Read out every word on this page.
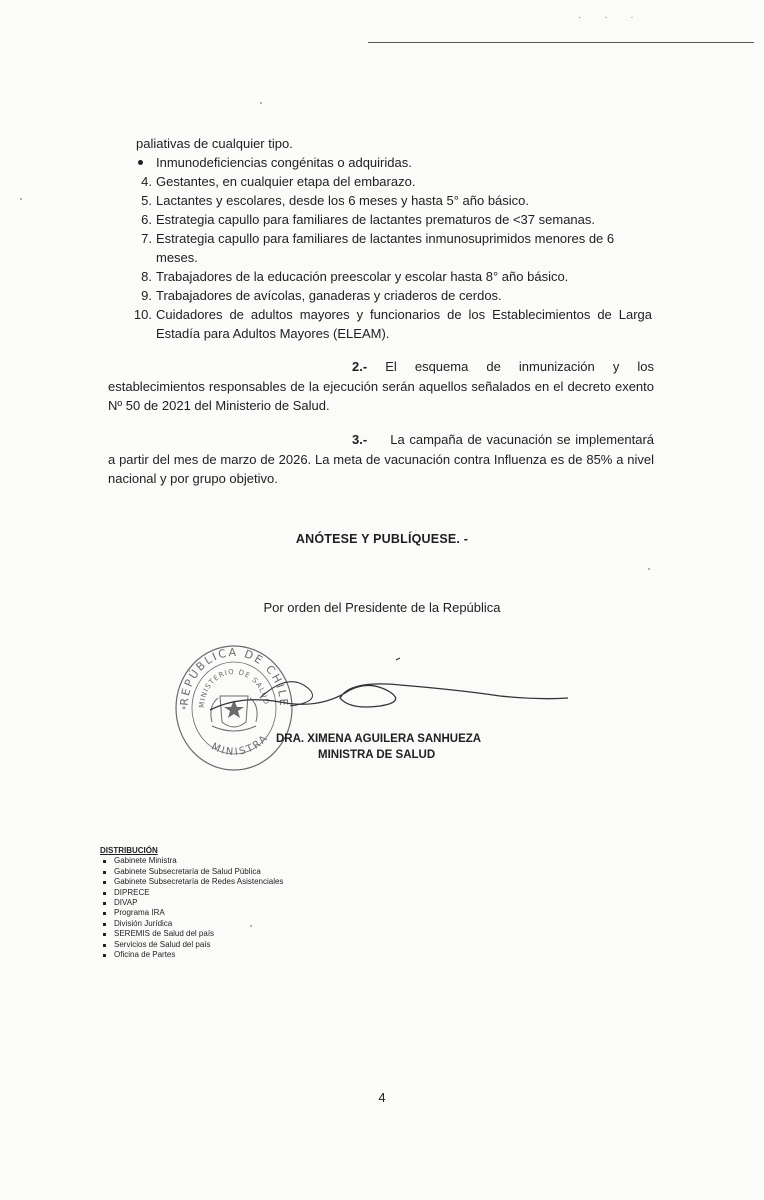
· · ·
paliativas de cualquier tipo.
Inmunodeficiencias congénitas o adquiridas.
4. Gestantes, en cualquier etapa del embarazo.
5. Lactantes y escolares, desde los 6 meses y hasta 5° año básico.
6. Estrategia capullo para familiares de lactantes prematuros de <37 semanas.
7. Estrategia capullo para familiares de lactantes inmunosuprimidos menores de 6 meses.
8. Trabajadores de la educación preescolar y escolar hasta 8° año básico.
9. Trabajadores de avícolas, ganaderas y criaderos de cerdos.
10. Cuidadores de adultos mayores y funcionarios de los Establecimientos de Larga Estadía para Adultos Mayores (ELEAM).
2.- El esquema de inmunización y los establecimientos responsables de la ejecución serán aquellos señalados en el decreto exento Nº 50 de 2021 del Ministerio de Salud.
3.- La campaña de vacunación se implementará a partir del mes de marzo de 2026. La meta de vacunación contra Influenza es de 85% a nivel nacional y por grupo objetivo.
ANÓTESE Y PUBLÍQUESE. -
Por orden del Presidente de la República
REPÚBLICA DE CHILE
MINISTERIO DE SALUD
MINISTRA
*
DRA. XIMENA AGUILERA SANHUEZA
MINISTRA DE SALUD
DISTRIBUCIÓN
Gabinete Ministra
Gabinete Subsecretaría de Salud Pública
Gabinete Subsecretaría de Redes Asistenciales
DIPRECE
DIVAP
Programa IRA
División Jurídica
SEREMIS de Salud del país
Servicios de Salud del país
Oficina de Partes
4
